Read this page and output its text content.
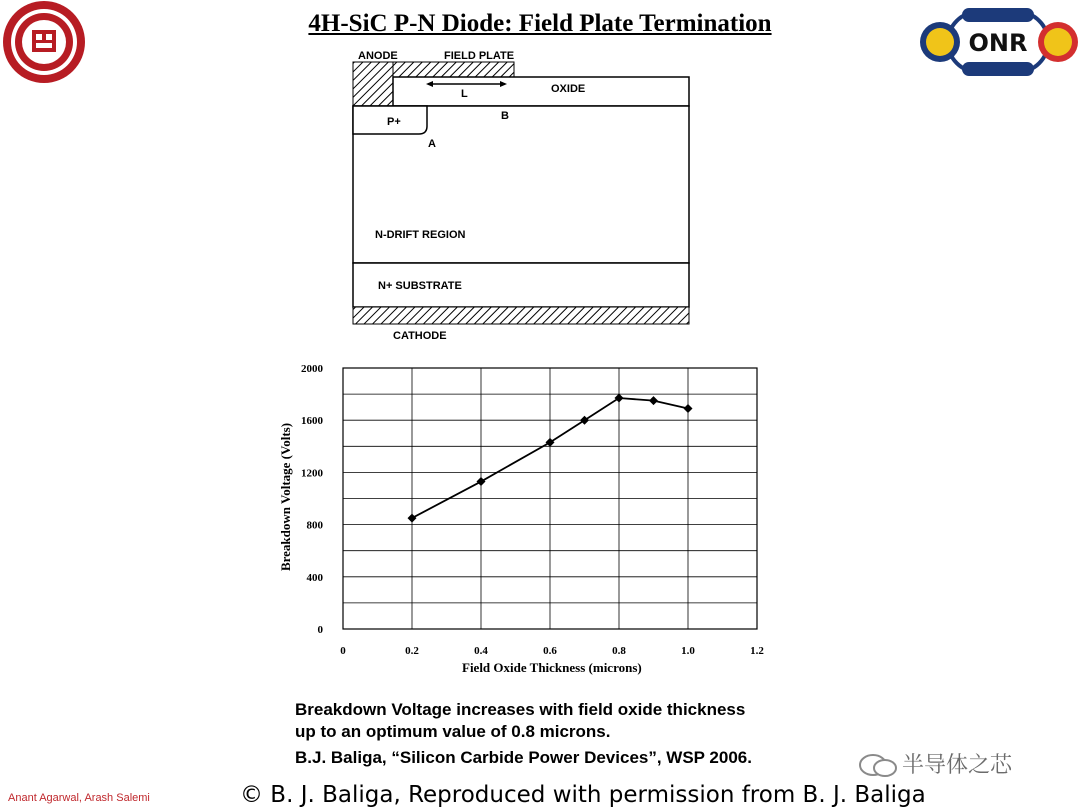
4H-SiC P-N Diode: Field Plate Termination
ONR
ANODE	FIELD PLATE
OXIDE
L
B
A
P+
N-DRIFT REGION
N+ SUBSTRATE
CATHODE
0
400
800
1200
1600
2000
0	0.2	0.4	0.6	0.8	1.0	1.2
Breakdown Voltage (Volts)
Field Oxide Thickness (microns)
Breakdown Voltage increases with field oxide thickness
up to an optimum value of 0.8 microns.
B.J. Baliga, “Silicon Carbide Power Devices”, WSP 2006.	半导体之芯
Anant Agarwal, Arash Salemi	© B. J. Baliga, Reproduced with permission from B. J. Baliga
